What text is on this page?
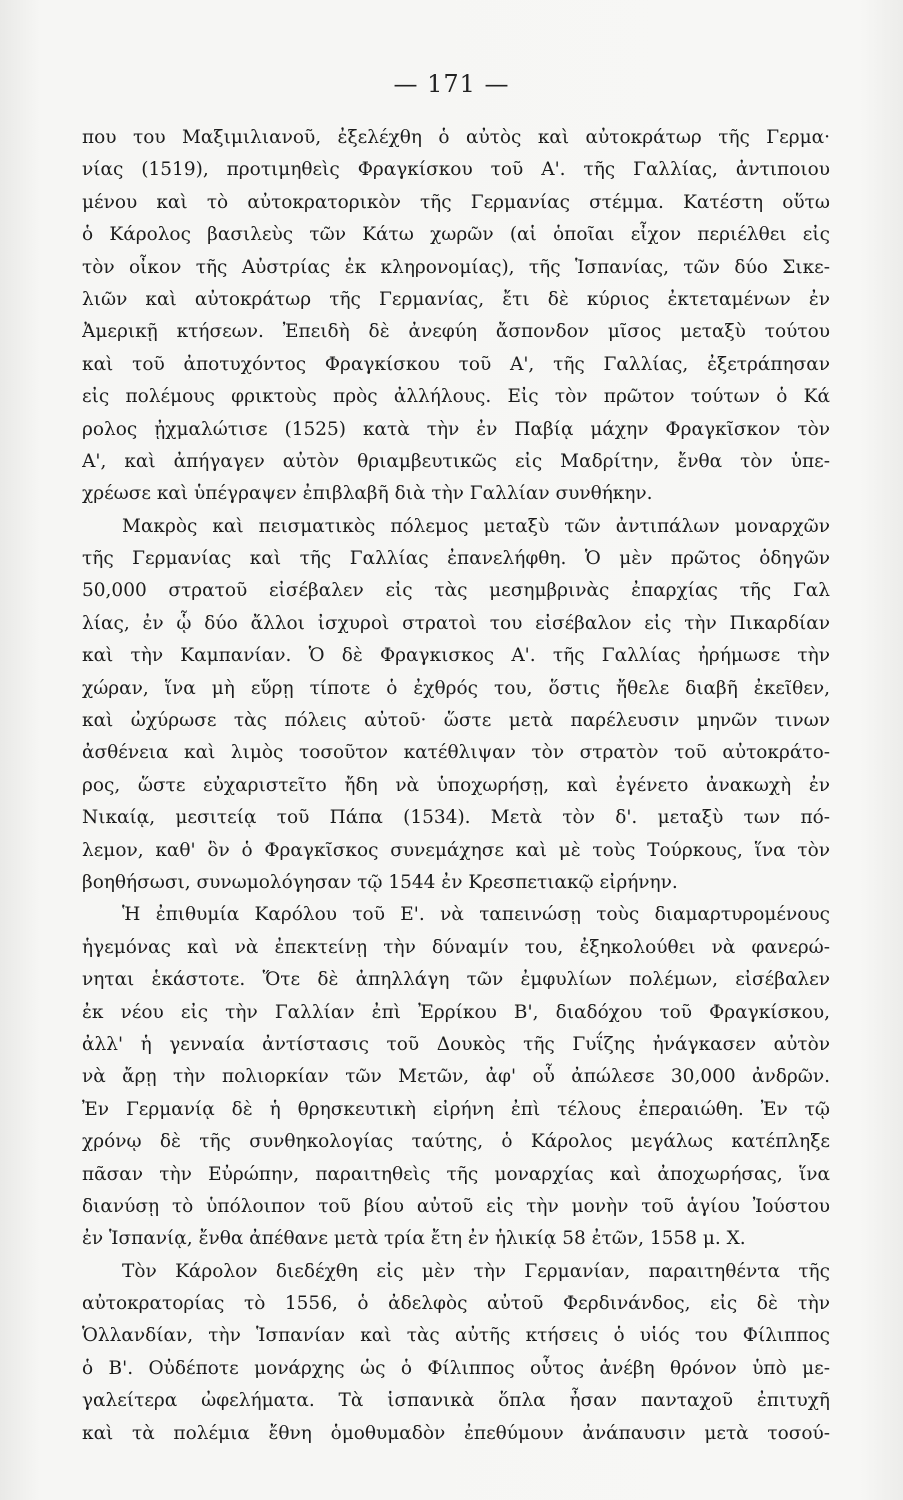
— 171 —
που του Μαξιμιλιανοῦ, ἐξελέχθη ὁ αὐτὸς καὶ αὐτοκράτωρ τῆς Γερμα·
νίας (1519), προτιμηθεὶς Φραγκίσκου τοῦ Α'. τῆς Γαλλίας, ἀντιποιου
μένου καὶ τὸ αὐτοκρατορικὸν τῆς Γερμανίας στέμμα. Κατέστη οὕτω
ὁ Κάρολος βασιλεὺς τῶν Κάτω χωρῶν (αἱ ὁποῖαι εἶχον περιέλθει εἰς
τὸν οἶκον τῆς Αὐστρίας ἐκ κληρονομίας), τῆς Ἱσπανίας, τῶν δύο Σικε-
λιῶν καὶ αὐτοκράτωρ τῆς Γερμανίας, ἔτι δὲ κύριος ἐκτεταμένων ἐν
Ἀμερικῇ κτήσεων. Ἐπειδὴ δὲ ἀνεφύη ἄσπονδον μῖσος μεταξὺ τούτου
καὶ τοῦ ἀποτυχόντος Φραγκίσκου τοῦ Α', τῆς Γαλλίας, ἐξετράπησαν
εἰς πολέμους φρικτοὺς πρὸς ἀλλήλους. Εἰς τὸν πρῶτον τούτων ὁ Κά
ρολος ᾐχμαλώτισε (1525) κατὰ τὴν ἐν Παβίᾳ μάχην Φραγκῖσκον τὸν
Α', καὶ ἀπήγαγεν αὐτὸν θριαμβευτικῶς εἰς Μαδρίτην, ἔνθα τὸν ὑπε-
χρέωσε καὶ ὑπέγραψεν ἐπιβλαβῆ διὰ τὴν Γαλλίαν συνθήκην.
Μακρὸς καὶ πεισματικὸς πόλεμος μεταξὺ τῶν ἀντιπάλων μοναρχῶν
τῆς Γερμανίας καὶ τῆς Γαλλίας ἐπανελήφθη. Ὁ μὲν πρῶτος ὁδηγῶν
50,000 στρατοῦ εἰσέβαλεν εἰς τὰς μεσημβρινὰς ἐπαρχίας τῆς Γαλ
λίας, ἐν ᾧ δύο ἄλλοι ἰσχυροὶ στρατοὶ του εἰσέβαλον εἰς τὴν Πικαρδίαν
καὶ τὴν Καμπανίαν. Ὁ δὲ Φραγκισκος Α'. τῆς Γαλλίας ἠρήμωσε τὴν
χώραν, ἵνα μὴ εὕρῃ τίποτε ὁ ἐχθρός του, ὅστις ἤθελε διαβῆ ἐκεῖθεν,
καὶ ὠχύρωσε τὰς πόλεις αὐτοῦ· ὥστε μετὰ παρέλευσιν μηνῶν τινων
ἀσθένεια καὶ λιμὸς τοσοῦτον κατέθλιψαν τὸν στρατὸν τοῦ αὐτοκράτο-
ρος, ὥστε εὐχαριστεῖτο ἤδη νὰ ὑποχωρήσῃ, καὶ ἐγένετο ἀνακωχὴ ἐν
Νικαίᾳ, μεσιτείᾳ τοῦ Πάπα (1534). Μετὰ τὸν δ'. μεταξὺ των πό-
λεμον, καθ' ὃν ὁ Φραγκῖσκος συνεμάχησε καὶ μὲ τοὺς Τούρκους, ἵνα τὸν
βοηθήσωσι, συνωμολόγησαν τῷ 1544 ἐν Κρεσπετιακῷ εἰρήνην.
Ἡ ἐπιθυμία Καρόλου τοῦ Ε'. νὰ ταπεινώσῃ τοὺς διαμαρτυρομένους
ἡγεμόνας καὶ νὰ ἐπεκτείνῃ τὴν δύναμίν του, ἐξηκολούθει νὰ φανερώ-
νηται ἑκάστοτε. Ὅτε δὲ ἀπηλλάγη τῶν ἐμφυλίων πολέμων, εἰσέβαλεν
ἐκ νέου εἰς τὴν Γαλλίαν ἐπὶ Ἐρρίκου Β', διαδόχου τοῦ Φραγκίσκου,
ἀλλ' ἡ γενναία ἀντίστασις τοῦ Δουκὸς τῆς Γυΐζης ἠνάγκασεν αὐτὸν
νὰ ἄρῃ τὴν πολιορκίαν τῶν Μετῶν, ἀφ' οὗ ἀπώλεσε 30,000 ἀνδρῶν.
Ἐν Γερμανίᾳ δὲ ἡ θρησκευτικὴ εἰρήνη ἐπὶ τέλους ἐπεραιώθη. Ἐν τῷ
χρόνῳ δὲ τῆς συνθηκολογίας ταύτης, ὁ Κάρολος μεγάλως κατέπληξε
πᾶσαν τὴν Εὐρώπην, παραιτηθεὶς τῆς μοναρχίας καὶ ἀποχωρήσας, ἵνα
διανύσῃ τὸ ὑπόλοιπον τοῦ βίου αὐτοῦ εἰς τὴν μονὴν τοῦ ἁγίου Ἰούστου
ἐν Ἱσπανίᾳ, ἔνθα ἀπέθανε μετὰ τρία ἔτη ἐν ἡλικίᾳ 58 ἐτῶν, 1558 μ. Χ.
Τὸν Κάρολον διεδέχθη εἰς μὲν τὴν Γερμανίαν, παραιτηθέντα τῆς
αὐτοκρατορίας τὸ 1556, ὁ ἀδελφὸς αὐτοῦ Φερδινάνδος, εἰς δὲ τὴν
Ὁλλανδίαν, τὴν Ἱσπανίαν καὶ τὰς αὐτῆς κτήσεις ὁ υἱός του Φίλιππος
ὁ Β'. Οὐδέποτε μονάρχης ὡς ὁ Φίλιππος οὗτος ἀνέβη θρόνον ὑπὸ με-
γαλείτερα ὠφελήματα. Τὰ ἱσπανικὰ ὅπλα ἦσαν πανταχοῦ ἐπιτυχῆ
καὶ τὰ πολέμια ἔθνη ὁμοθυμαδὸν ἐπεθύμουν ἀνάπαυσιν μετὰ τοσού-
